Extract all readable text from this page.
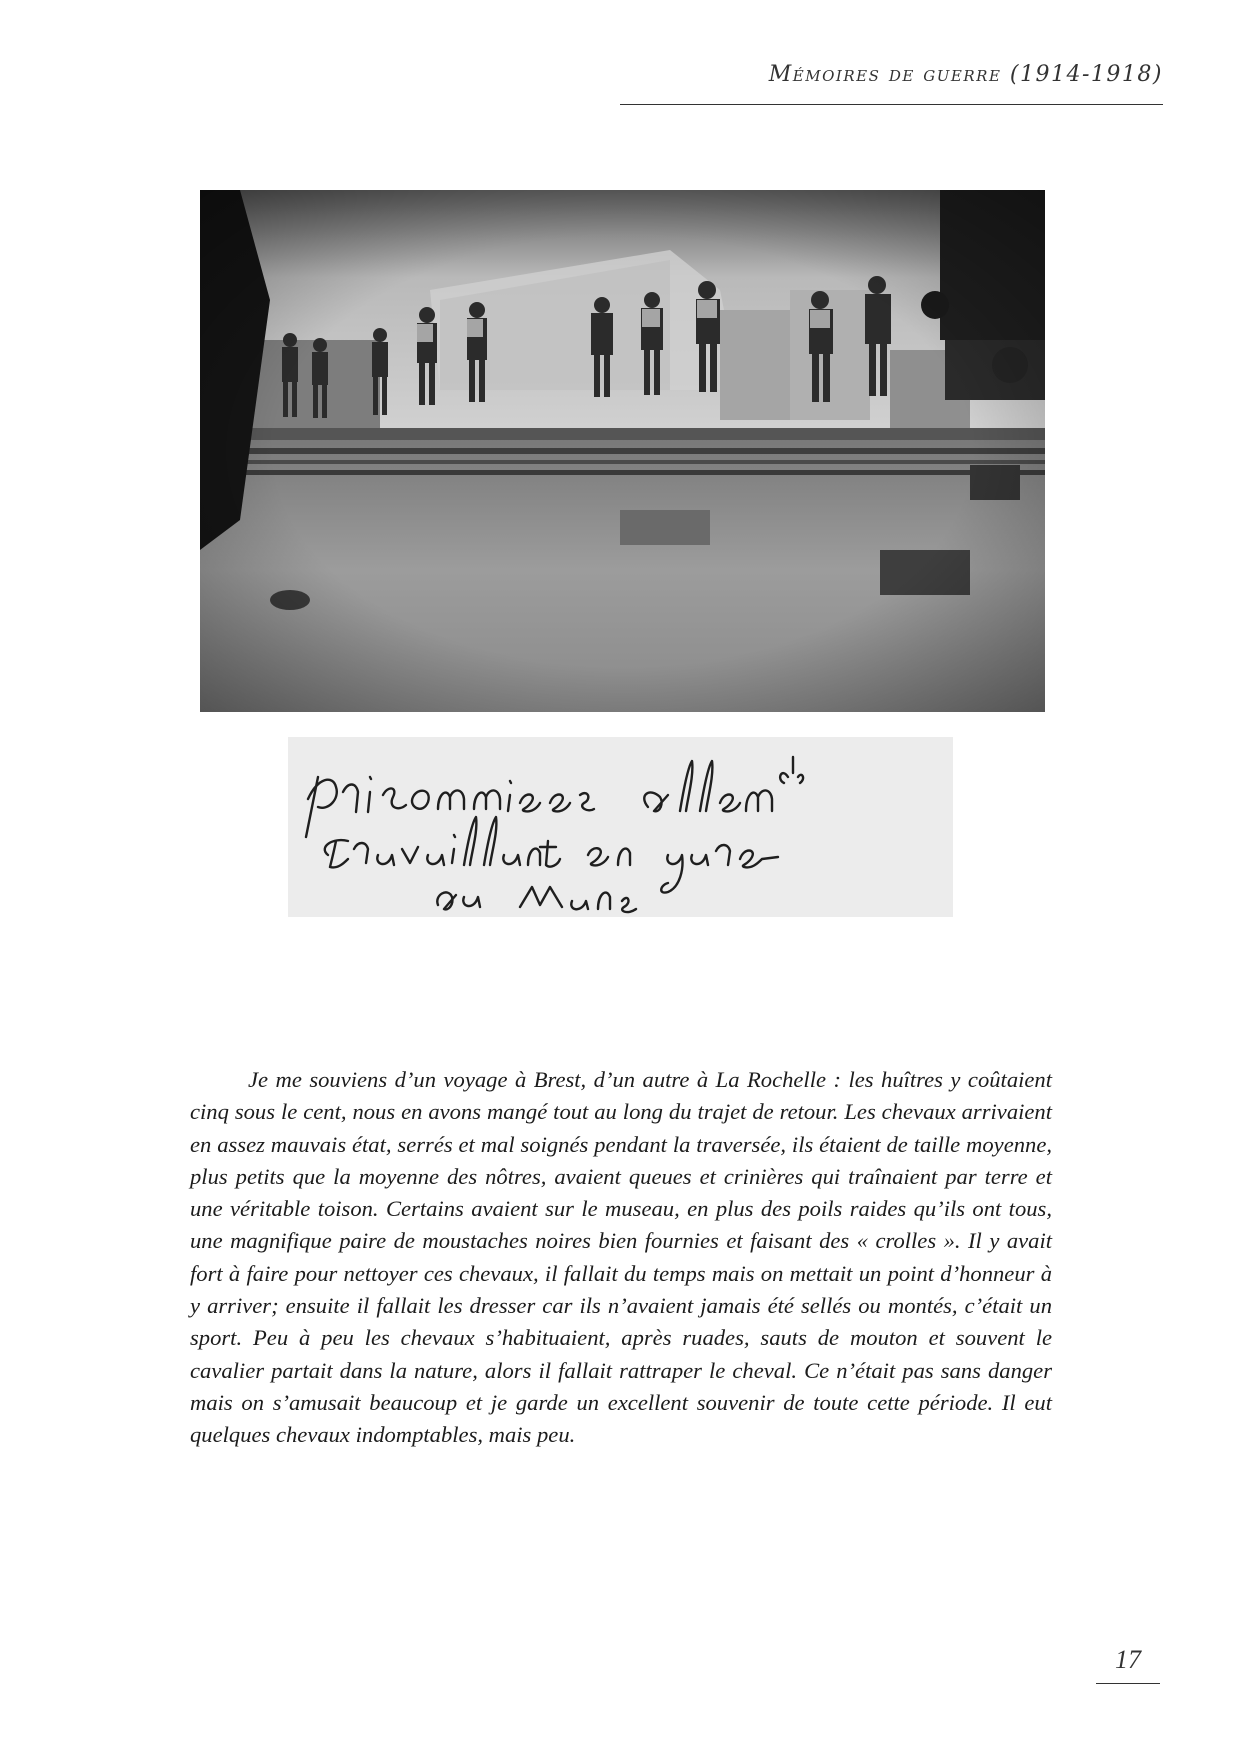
Mémoires de guerre (1914-1918)

Je me souviens d’un voyage à Brest, d’un autre à La Rochelle : les huîtres y coûtaient cinq sous le cent, nous en avons mangé tout au long du trajet de retour. Les chevaux arrivaient en assez mauvais état, serrés et mal soignés pendant la traversée, ils étaient de taille moyenne, plus petits que la moyenne des nôtres, avaient queues et crinières qui traînaient par terre et une véritable toison. Certains avaient sur le museau, en plus des poils raides qu’ils ont tous, une magnifique paire de moustaches noires bien fournies et faisant des « crolles ». Il y avait fort à faire pour nettoyer ces chevaux, il fallait du temps mais on mettait un point d’honneur à y arriver; ensuite il fallait les dresser car ils n’avaient jamais été sellés ou montés, c’était un sport. Peu à peu les chevaux s’habituaient, après ruades, sauts de mouton et souvent le cavalier partait dans la nature, alors il fallait rattraper le cheval. Ce n’était pas sans danger mais on s’amusait beaucoup et je garde un excellent souvenir de toute cette période. Il eut quelques chevaux indomptables, mais peu.

17
